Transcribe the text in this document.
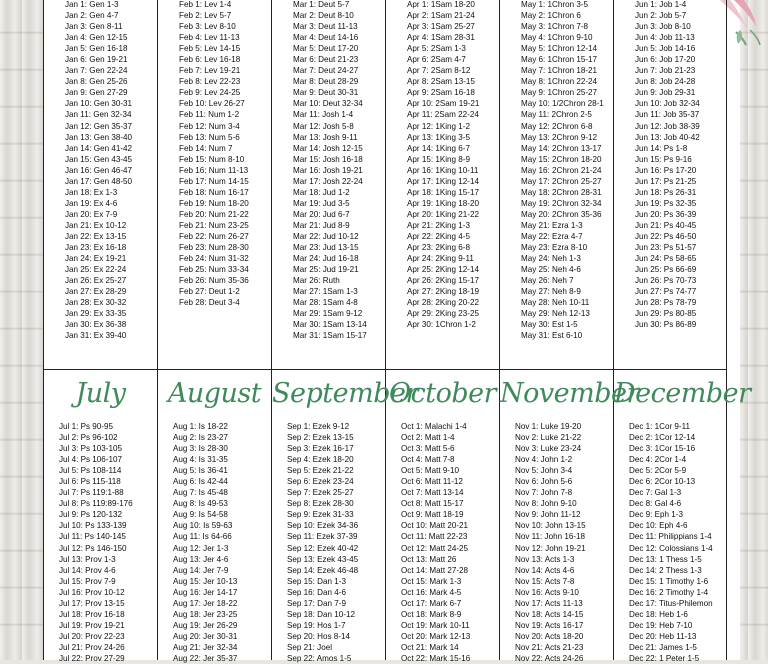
Jan 1: Gen 1-3
Jan 2: Gen 4-7
Jan 3: Gen 8-11
Jan 4: Gen 12-15
Jan 5: Gen 16-18
Jan 6: Gen 19-21
Jan 7: Gen 22-24
Jan 8: Gen 25-26
Jan 9: Gen 27-29
Jan 10: Gen 30-31
Jan 11: Gen 32-34
Jan 12: Gen 35-37
Jan 13: Gen 38-40
Jan 14: Gen 41-42
Jan 15: Gen 43-45
Jan 16: Gen 46-47
Jan 17: Gen 48-50
Jan 18: Ex 1-3
Jan 19: Ex 4-6
Jan 20: Ex 7-9
Jan 21: Ex 10-12
Jan 22: Ex 13-15
Jan 23: Ex 16-18
Jan 24: Ex 19-21
Jan 25: Ex 22-24
Jan 26: Ex 25-27
Jan 27: Ex 28-29
Jan 28: Ex 30-32
Jan 29: Ex 33-35
Jan 30: Ex 36-38
Jan 31: Ex 39-40
Feb 1: Lev 1-4
Feb 2: Lev 5-7
Feb 3: Lev 8-10
Feb 4: Lev 11-13
Feb 5: Lev 14-15
Feb 6: Lev 16-18
Feb 7: Lev 19-21
Feb 8: Lev 22-23
Feb 9: Lev 24-25
Feb 10: Lev 26-27
Feb 11: Num 1-2
Feb 12: Num 3-4
Feb 13: Num 5-6
Feb 14: Num 7
Feb 15: Num 8-10
Feb 16: Num 11-13
Feb 17: Num 14-15
Feb 18: Num 16-17
Feb 19: Num 18-20
Feb 20: Num 21-22
Feb 21: Num 23-25
Feb 22: Num 26-27
Feb 23: Num 28-30
Feb 24: Num 31-32
Feb 25: Num 33-34
Feb 26: Num 35-36
Feb 27: Deut 1-2
Feb 28: Deut 3-4
Mar 1: Deut 5-7
Mar 2: Deut 8-10
Mar 3: Deut 11-13
Mar 4: Deut 14-16
Mar 5: Deut 17-20
Mar 6: Deut 21-23
Mar 7: Deut 24-27
Mar 8: Deut 28-29
Mar 9: Deut 30-31
Mar 10: Deut 32-34
Mar 11: Josh 1-4
Mar 12: Josh 5-8
Mar 13: Josh 9-11
Mar 14: Josh 12-15
Mar 15: Josh 16-18
Mar 16: Josh 19-21
Mar 17: Josh 22-24
Mar 18: Jud 1-2
Mar 19: Jud 3-5
Mar 20: Jud 6-7
Mar 21: Jud 8-9
Mar 22: Jud 10-12
Mar 23: Jud 13-15
Mar 24: Jud 16-18
Mar 25: Jud 19-21
Mar 26: Ruth
Mar 27: 1Sam 1-3
Mar 28: 1Sam 4-8
Mar 29: 1Sam 9-12
Mar 30: 1Sam 13-14
Mar 31: 1Sam 15-17
Apr 1: 1Sam 18-20
Apr 2: 1Sam 21-24
Apr 3: 1Sam 25-27
Apr 4: 1Sam 28-31
Apr 5: 2Sam 1-3
Apr 6: 2Sam 4-7
Apr 7: 2Sam 8-12
Apr 8: 2Sam 13-15
Apr 9: 2Sam 16-18
Apr 10: 2Sam 19-21
Apr 11: 2Sam 22-24
Apr 12: 1King 1-2
Apr 13: 1King 3-5
Apr 14: 1King 6-7
Apr 15: 1King 8-9
Apr 16: 1King 10-11
Apr 17: 1King 12-14
Apr 18: 1King 15-17
Apr 19: 1King 18-20
Apr 20: 1King 21-22
Apr 21: 2King 1-3
Apr 22: 2King 4-5
Apr 23: 2King 6-8
Apr 24: 2King 9-11
Apr 25: 2King 12-14
Apr 26: 2King 15-17
Apr 27: 2King 18-19
Apr 28: 2King 20-22
Apr 29: 2King 23-25
Apr 30: 1Chron 1-2
May 1: 1Chron 3-5
May 2: 1Chron 6
May 3: 1Chron 7-8
May 4: 1Chron 9-10
May 5: 1Chron 12-14
May 6: 1Chron 15-17
May 7: 1Chron 18-21
May 8: 1Chron 22-24
May 9: 1Chron 25-27
May 10: 1/2Chron 28-1
May 11: 2Chron 2-5
May 12: 2Chron 6-8
May 13: 2Chron 9-12
May 14: 2Chron 13-17
May 15: 2Chron 18-20
May 16: 2Chron 21-24
May 17: 2Chron 25-27
May 18: 2Chron 28-31
May 19: 2Chron 32-34
May 20: 2Chron 35-36
May 21: Ezra 1-3
May 22: Ezra 4-7
May 23: Ezra 8-10
May 24: Neh 1-3
May 25: Neh 4-6
May 26: Neh 7
May 27: Neh 8-9
May 28: Neh 10-11
May 29: Neh 12-13
May 30: Est 1-5
May 31: Est 6-10
Jun 1: Job 1-4
Jun 2: Job 5-7
Jun 3: Job 8-10
Jun 4: Job 11-13
Jun 5: Job 14-16
Jun 6: Job 17-20
Jun 7: Job 21-23
Jun 8: Job 24-28
Jun 9: Job 29-31
Jun 10: Job 32-34
Jun 11: Job 35-37
Jun 12: Job 38-39
Jun 13: Job 40-42
Jun 14: Ps 1-8
Jun 15: Ps 9-16
Jun 16: Ps 17-20
Jun 17: Ps 21-25
Jun 18: Ps 26-31
Jun 19: Ps 32-35
Jun 20: Ps 36-39
Jun 21: Ps 40-45
Jun 22: Ps 46-50
Jun 23: Ps 51-57
Jun 24: Ps 58-65
Jun 25: Ps 66-69
Jun 26: Ps 70-73
Jun 27: Ps 74-77
Jun 28: Ps 78-79
Jun 29: Ps 80-85
Jun 30: Ps 86-89
July
Jul 1: Ps 90-95
Jul 2: Ps 96-102
Jul 3: Ps 103-105
Jul 4: Ps 106-107
Jul 5: Ps 108-114
Jul 6: Ps 115-118
Jul 7: Ps 119:1-88
Jul 8: Ps 119:89-176
Jul 9: Ps 120-132
Jul 10: Ps 133-139
Jul 11: Ps 140-145
Jul 12: Ps 146-150
Jul 13: Prov 1-3
Jul 14: Prov 4-6
Jul 15: Prov 7-9
Jul 16: Prov 10-12
Jul 17: Prov 13-15
Jul 18: Prov 16-18
Jul 19: Prov 19-21
Jul 20: Prov 22-23
Jul 21: Prov 24-26
Jul 22: Prov 27-29
August
Aug 1: Is 18-22
Aug 2: Is 23-27
Aug 3: Is 28-30
Aug 4: Is 31-35
Aug 5: Is 36-41
Aug 6: Is 42-44
Aug 7: Is 45-48
Aug 8: Is 49-53
Aug 9: Is 54-58
Aug 10: Is 59-63
Aug 11: Is 64-66
Aug 12: Jer 1-3
Aug 13: Jer 4-6
Aug 14: Jer 7-9
Aug 15: Jer 10-13
Aug 16: Jer 14-17
Aug 17: Jer 18-22
Aug 18: Jer 23-25
Aug 19: Jer 26-29
Aug 20: Jer 30-31
Aug 21: Jer 32-34
Aug 22: Jer 35-37
September
Sep 1: Ezek 9-12
Sep 2: Ezek 13-15
Sep 3: Ezek 16-17
Sep 4: Ezek 18-20
Sep 5: Ezek 21-22
Sep 6: Ezek 23-24
Sep 7: Ezek 25-27
Sep 8: Ezek 28-30
Sep 9: Ezek 31-33
Sep 10: Ezek 34-36
Sep 11: Ezek 37-39
Sep 12: Ezek 40-42
Sep 13: Ezek 43-45
Sep 14: Ezek 46-48
Sep 15: Dan 1-3
Sep 16: Dan 4-6
Sep 17: Dan 7-9
Sep 18: Dan 10-12
Sep 19: Hos 1-7
Sep 20: Hos 8-14
Sep 21: Joel
Sep 22: Amos 1-5
October
Oct 1: Malachi 1-4
Oct 2: Matt 1-4
Oct 3: Matt 5-6
Oct 4: Matt 7-8
Oct 5: Matt 9-10
Oct 6: Matt 11-12
Oct 7: Matt 13-14
Oct 8: Matt 15-17
Oct 9: Matt 18-19
Oct 10: Matt 20-21
Oct 11: Matt 22-23
Oct 12: Matt 24-25
Oct 13: Matt 26
Oct 14: Matt 27-28
Oct 15: Mark 1-3
Oct 16: Mark 4-5
Oct 17: Mark 6-7
Oct 18: Mark 8-9
Oct 19: Mark 10-11
Oct 20: Mark 12-13
Oct 21: Mark 14
Oct 22: Mark 15-16
November
Nov 1: Luke 19-20
Nov 2: Luke 21-22
Nov 3: Luke 23-24
Nov 4: John 1-2
Nov 5: John 3-4
Nov 6: John 5-6
Nov 7: John 7-8
Nov 8: John 9-10
Nov 9: John 11-12
Nov 10: John 13-15
Nov 11: John 16-18
Nov 12: John 19-21
Nov 13: Acts 1-3
Nov 14: Acts 4-6
Nov 15: Acts 7-8
Nov 16: Acts 9-10
Nov 17: Acts 11-13
Nov 18: Acts 14-15
Nov 19: Acts 16-17
Nov 20: Acts 18-20
Nov 21: Acts 21-23
Nov 22: Acts 24-26
December
Dec 1: 1Cor 9-11
Dec 2: 1Cor 12-14
Dec 3: 1Cor 15-16
Dec 4: 2Cor 1-4
Dec 5: 2Cor 5-9
Dec 6: 2Cor 10-13
Dec 7: Gal 1-3
Dec 8: Gal 4-6
Dec 9: Eph 1-3
Dec 10: Eph 4-6
Dec 11: Philippians 1-4
Dec 12: Colossians 1-4
Dec 13: 1 Thess 1-5
Dec 14: 2 Thess 1-3
Dec 15: 1 Timothy 1-6
Dec 16: 2 Timothy 1-4
Dec 17: Titus-Philemon
Dec 18: Heb 1-6
Dec 19: Heb 7-10
Dec 20: Heb 11-13
Dec 21: James 1-5
Dec 22: 1 Peter 1-5
